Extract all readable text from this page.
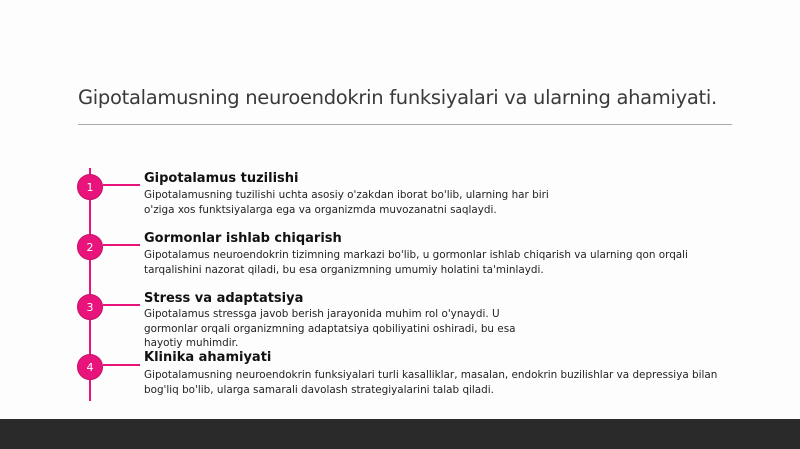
Gipotalamusning neuroendokrin funksiyalari va ularning ahamiyati.
1
Gipotalamus tuzilishi
Gipotalamusning tuzilishi uchta asosiy o'zakdan iborat bo'lib, ularning har biri o'ziga xos funktsiyalarga ega va organizmda muvozanatni saqlaydi.
2
Gormonlar ishlab chiqarish
Gipotalamus neuroendokrin tizimning markazi bo'lib, u gormonlar ishlab chiqarish va ularning qon orqali tarqalishini nazorat qiladi, bu esa organizmning umumiy holatini ta'minlaydi.
3
Stress va adaptatsiya
Gipotalamus stressga javob berish jarayonida muhim rol o'ynaydi. U gormonlar orqali organizmning adaptatsiya qobiliyatini oshiradi, bu esa hayotiy muhimdir.
4
Klinika ahamiyati
Gipotalamusning neuroendokrin funksiyalari turli kasalliklar, masalan, endokrin buzilishlar va depressiya bilan bog'liq bo'lib, ularga samarali davolash strategiyalarini talab qiladi.
